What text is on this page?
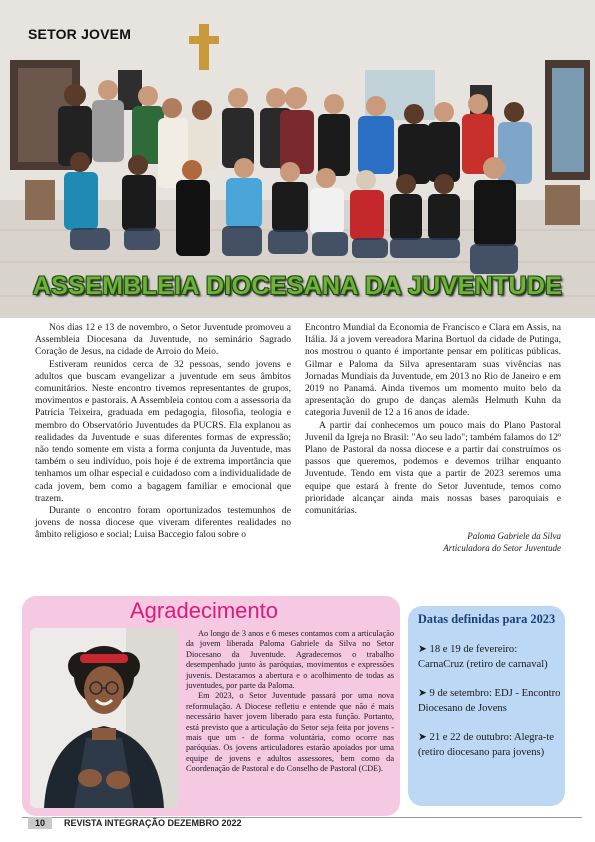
SETOR JOVEM
ASSEMBLEIA DIOCESANA DA JUVENTUDE

Nos dias 12 e 13 de novembro, o Setor Juventude promoveu a Assembleia Diocesana da Juventude, no seminário Sagrado Coração de Jesus, na cidade de Arroio do Meio.

Estiveram reunidos cerca de 32 pessoas, sendo jovens e adultos que buscam evangelizar a juventude em seus âmbitos comunitários. Neste encontro tivemos representantes de grupos, movimentos e pastorais. A Assembleia contou com a assessoria da Patrícia Teixeira, graduada em pedagogia, filosofia, teologia e membro do Observatório Juventudes da PUCRS. Ela explanou as realidades da Juventude e suas diferentes formas de expressão; não tendo somente em vista a forma conjunta da Juventude, mas também o seu indivíduo, pois hoje é de extrema importância que tenhamos um olhar especial e cuidadoso com a individualidade de cada jovem, bem como a bagagem familiar e emocional que trazem.

Durante o encontro foram oportunizados testemunhos de jovens de nossa diocese que viveram diferentes realidades no âmbito religioso e social; Luisa Baccegio falou sobre o

Encontro Mundial da Economia de Francisco e Clara em Assis, na Itália. Já a jovem vereadora Marina Bortuol da cidade de Putinga, nos mostrou o quanto é importante pensar em políticas públicas. Gilmar e Paloma da Silva apresentaram suas vivências nas Jornadas Mundiais da Juventude, em 2013 no Rio de Janeiro e em 2019 no Panamá. Ainda tivemos um momento muito belo da apresentação do grupo de danças alemãs Helmuth Kuhn da categoria Juvenil de 12 a 16 anos de idade.

A partir daí conhecemos um pouco mais do Plano Pastoral Juvenil da Igreja no Brasil: "Ao seu lado"; também falamos do 12º Plano de Pastoral da nossa diocese e a partir daí construímos os passos que queremos, podemos e devemos trilhar enquanto Juventude. Tendo em vista que a partir de 2023 seremos uma equipe que estará à frente do Setor Juventude, temos como prioridade alcançar ainda mais nossas bases paroquiais e comunitárias.

Paloma Gabriele da Silva
Articuladora do Setor Juventude
Agradecimento

Ao longo de 3 anos e 6 meses contamos com a articulação da jovem liberada Paloma Gabriele da Silva no Setor Diocesano da Juventude. Agradecemos o trabalho desempenhado junto às paróquias, movimentos e expressões juvenis. Destacamos a abertura e o acolhimento de todas as juventudes, por parte da Paloma.

Em 2023, o Setor Juventude passará por uma nova reformulação. A Diocese refletiu e entende que não é mais necessário haver jovem liberado para esta função. Portanto, está previsto que a articulação do Setor seja feita por jovens - mais que um - de forma voluntária, como ocorre nas paróquias. Os jovens articuladores estarão apoiados por uma equipe de jovens e adultos assessores, bem como da Coordenação de Pastoral e do Conselho de Pastoral (CDE).

Datas definidas para 2023
➤ 18 e 19 de fevereiro: CarnaCruz (retiro de carnaval)
➤ 9 de setembro: EDJ - Encontro Diocesano de Jovens
➤ 21 e 22 de outubro: Alegra-te (retiro diocesano para jovens)
10	REVISTA INTEGRAÇÃO DEZEMBRO 2022
